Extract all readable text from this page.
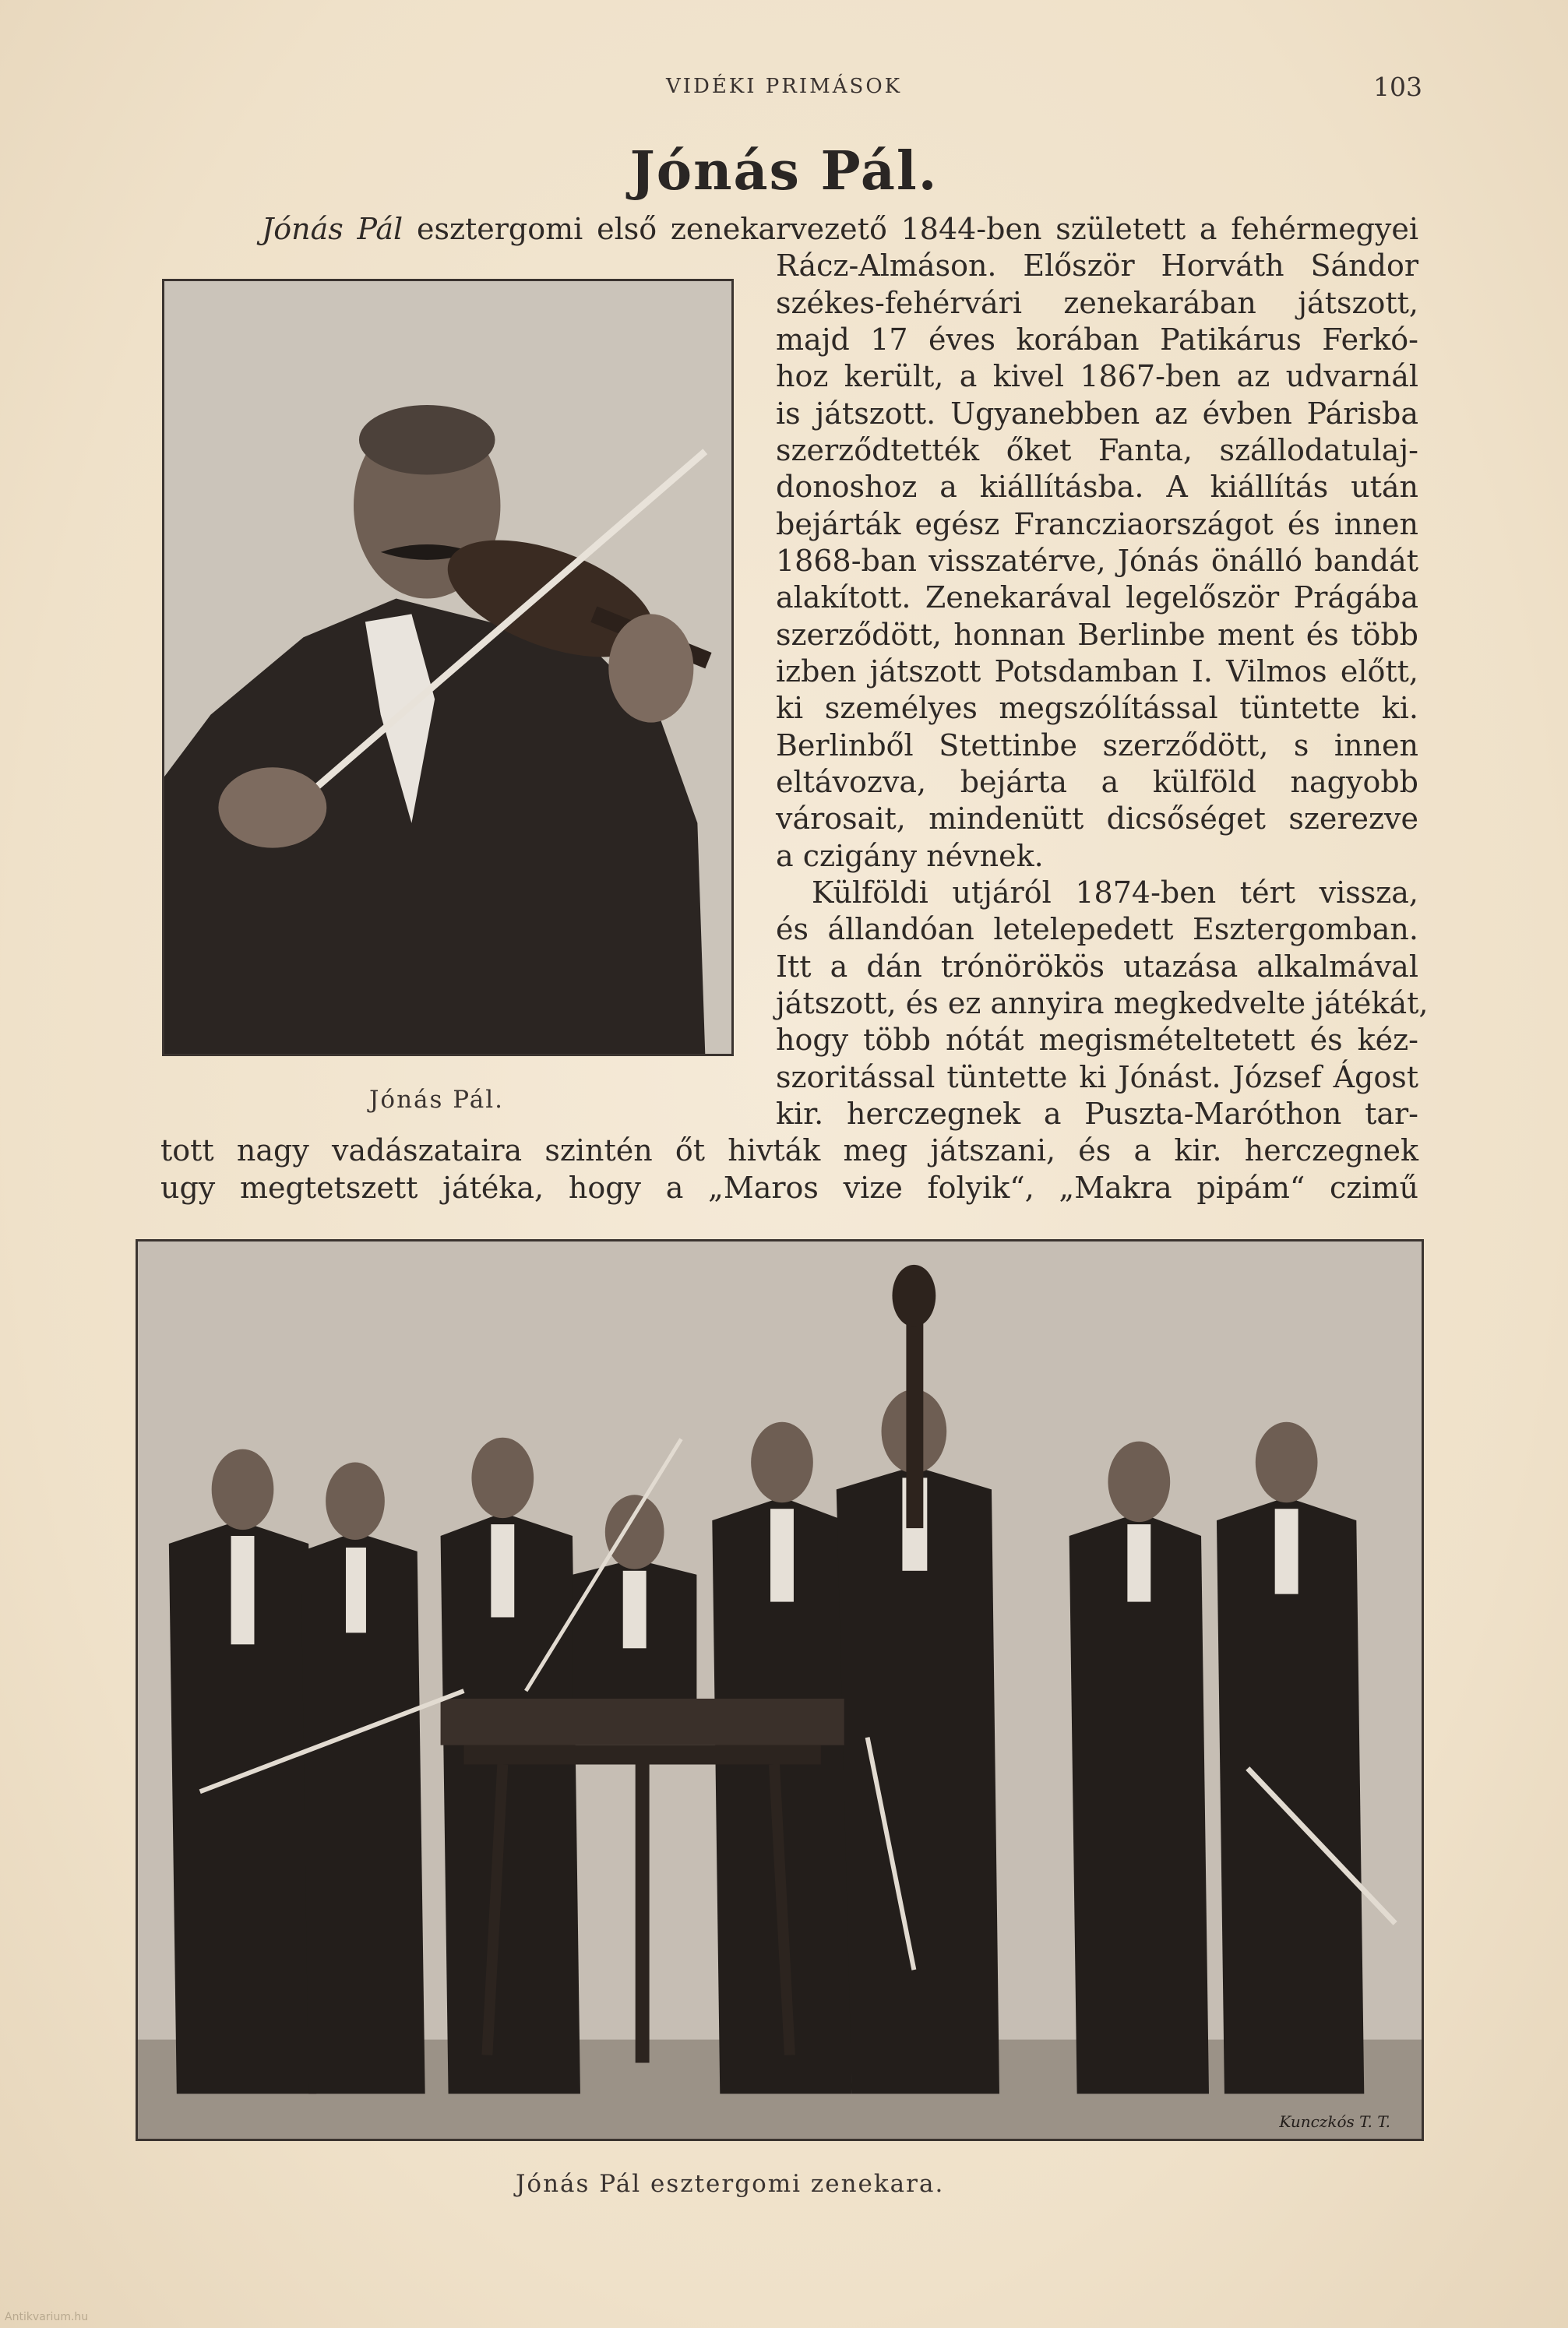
VIDÉKI PRIMÁSOK	103
Jónás Pál.
Jónás Pál.
Jónás Pál esztergomi első zenekarvezető 1844-ben született a fehérmegyei
Rácz-Almáson. Először Horváth Sándor
székes-fehérvári zenekarában játszott,
majd 17 éves korában Patikárus Ferkó-
hoz került, a kivel 1867-ben az udvarnál
is játszott. Ugyanebben az évben Párisba
szerződtették őket Fanta, szállodatulaj-
donoshoz a kiállításba. A kiállítás után
bejárták egész Francziaországot és innen
1868-ban visszatérve, Jónás önálló bandát
alakított. Zenekarával legelőször Prágába
szerződött, honnan Berlinbe ment és több
izben játszott Potsdamban I. Vilmos előtt,
ki személyes megszólítással tüntette ki.
Berlinből Stettinbe szerződött, s innen
eltávozva, bejárta a külföld nagyobb
városait, mindenütt dicsőséget szerezve
a czigány névnek.
Külföldi utjáról 1874-ben tért vissza,
és állandóan letelepedett Esztergomban.
Itt a dán trónörökös utazása alkalmával
játszott, és ez annyira megkedvelte játékát,
hogy több nótát megismételtetett és kéz-
szoritással tüntette ki Jónást. József Ágost
kir. herczegnek a Puszta-Maróthon tar-
tott nagy vadászataira szintén őt hivták meg játszani, és a kir. herczegnek
ugy megtetszett játéka, hogy a „Maros vize folyik“, „Makra pipám“ czimű
Kunczkós T. T.
Jónás Pál esztergomi zenekara.
Antikvarium.hu
